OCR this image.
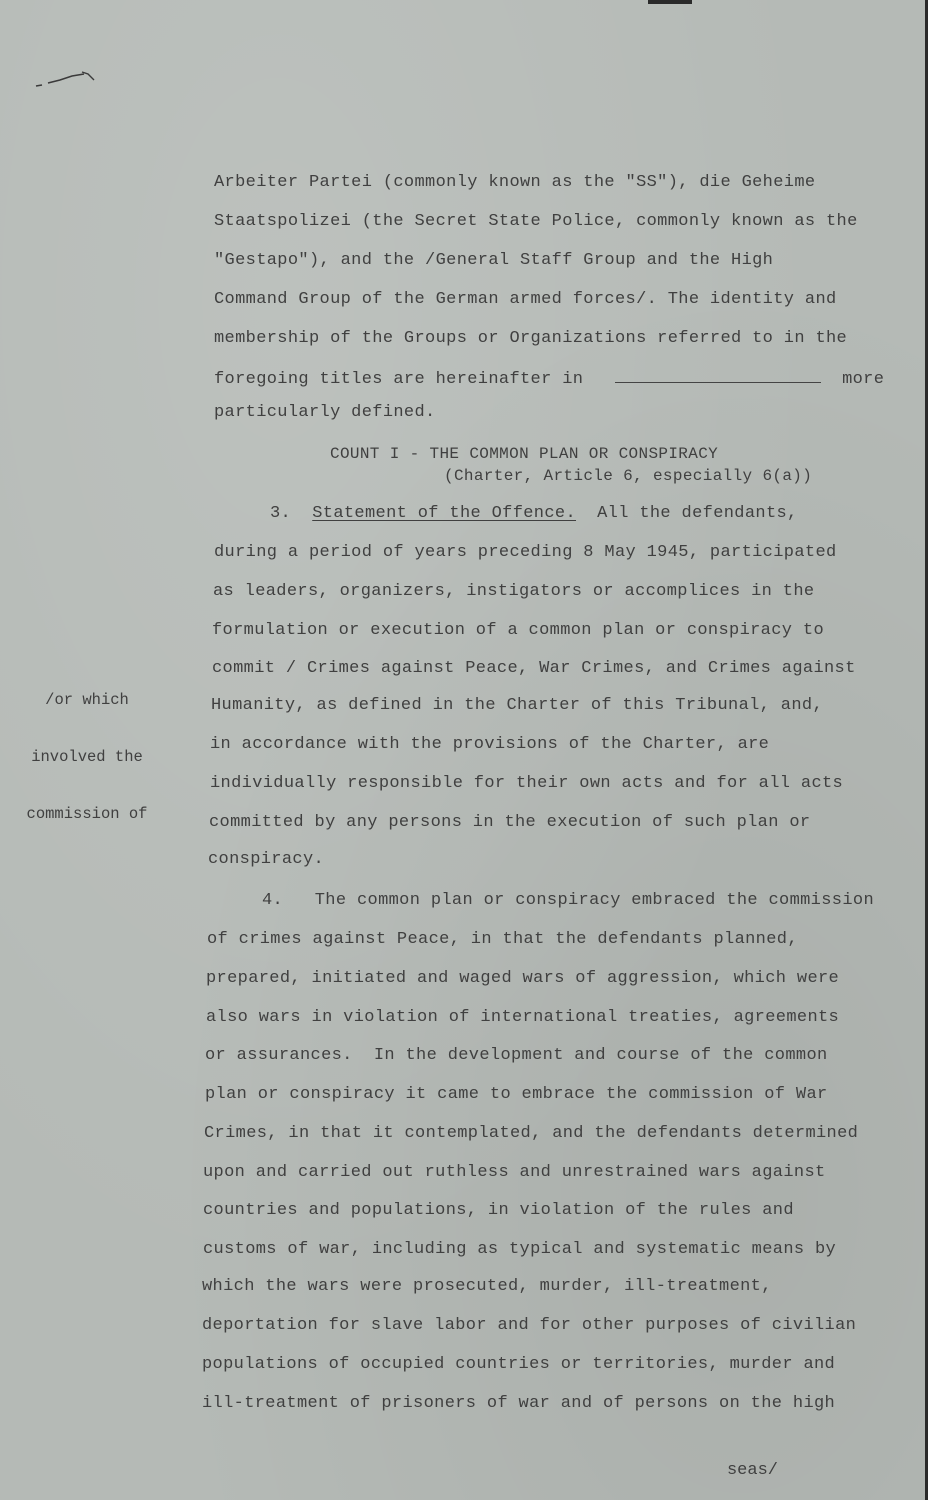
Arbeiter Partei (commonly known as the "SS"), die Geheime
Staatspolizei (the Secret State Police, commonly known as the
"Gestapo"), and the /General Staff Group and the High
Command Group of the German armed forces/. The identity and
membership of the Groups or Organizations referred to in the
foregoing titles are hereinafter in	more
particularly defined.
COUNT I - THE COMMON PLAN OR CONSPIRACY
(Charter, Article 6, especially 6(a))
3. Statement of the Offence. All the defendants,
during a period of years preceding 8 May 1945, participated
as leaders, organizers, instigators or accomplices in the
formulation or execution of a common plan or conspiracy to
commit / Crimes against Peace, War Crimes, and Crimes against
Humanity, as defined in the Charter of this Tribunal, and,
in accordance with the provisions of the Charter, are
individually responsible for their own acts and for all acts
committed by any persons in the execution of such plan or
conspiracy.

/or which

involved the

commission of

4.   The common plan or conspiracy embraced the commission
of crimes against Peace, in that the defendants planned,
prepared, initiated and waged wars of aggression, which were
also wars in violation of international treaties, agreements
or assurances.  In the development and course of the common
plan or conspiracy it came to embrace the commission of War
Crimes, in that it contemplated, and the defendants determined
upon and carried out ruthless and unrestrained wars against
countries and populations, in violation of the rules and
customs of war, including as typical and systematic means by
which the wars were prosecuted, murder, ill-treatment,
deportation for slave labor and for other purposes of civilian
populations of occupied countries or territories, murder and
ill-treatment of prisoners of war and of persons on the high
seas/
